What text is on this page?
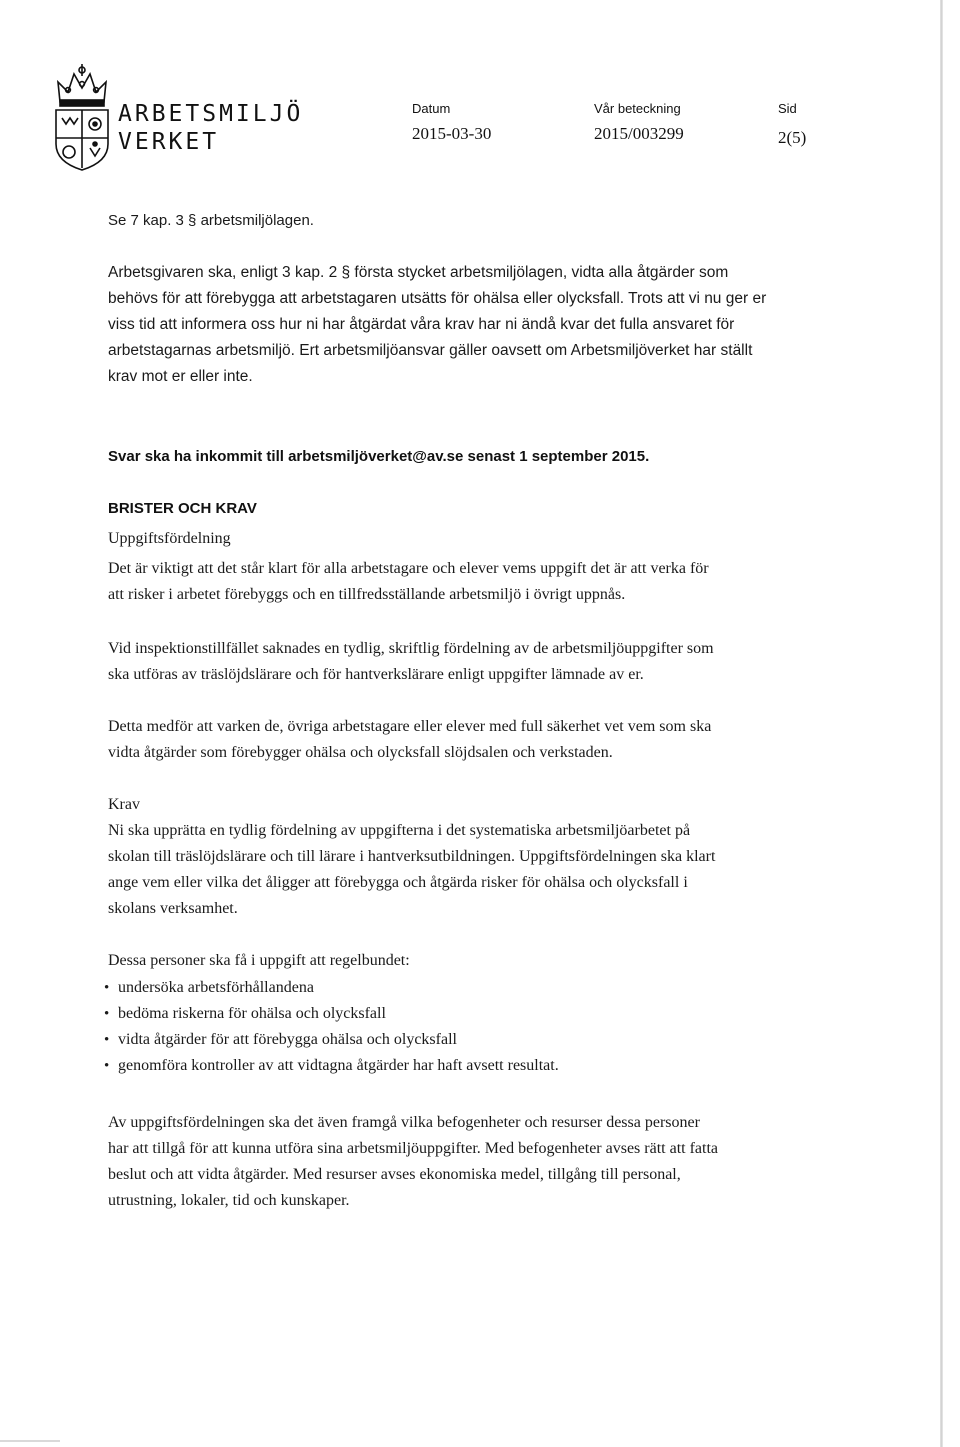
ARBETSMILJÖ
VERKET
Datum
2015-03-30
Vår beteckning
2015/003299
Sid
2(5)
Se 7 kap. 3 § arbetsmiljölagen.
Arbetsgivaren ska, enligt 3 kap. 2 § första stycket arbetsmiljölagen, vidta alla åtgärder som
behövs för att förebygga att arbetstagaren utsätts för ohälsa eller olycksfall. Trots att vi nu ger er
viss tid att informera oss hur ni har åtgärdat våra krav har ni ändå kvar det fulla ansvaret för
arbetstagarnas arbetsmiljö. Ert arbetsmiljöansvar gäller oavsett om Arbetsmiljöverket har ställt
krav mot er eller inte.
Svar ska ha inkommit till arbetsmiljöverket@av.se senast 1 september 2015.
BRISTER OCH KRAV
Uppgiftsfördelning
Det är viktigt att det står klart för alla arbetstagare och elever vems uppgift det är att verka för
att risker i arbetet förebyggs och en tillfredsställande arbetsmiljö i övrigt uppnås.
Vid inspektionstillfället saknades en tydlig, skriftlig fördelning av de arbetsmiljöuppgifter som
ska utföras av träslöjdslärare och för hantverkslärare enligt uppgifter lämnade av er.
Detta medför att varken de, övriga arbetstagare eller elever med full säkerhet vet vem som ska
vidta åtgärder som förebygger ohälsa och olycksfall slöjdsalen och verkstaden.
Krav
Ni ska upprätta en tydlig fördelning av uppgifterna i det systematiska arbetsmiljöarbetet på
skolan till träslöjdslärare och till lärare i hantverksutbildningen. Uppgiftsfördelningen ska klart
ange vem eller vilka det åligger att förebygga och åtgärda risker för ohälsa och olycksfall i
skolans verksamhet.
Dessa personer ska få i uppgift att regelbundet:
• undersöka arbetsförhållandena
• bedöma riskerna för ohälsa och olycksfall
• vidta åtgärder för att förebygga ohälsa och olycksfall
• genomföra kontroller av att vidtagna åtgärder har haft avsett resultat.
Av uppgiftsfördelningen ska det även framgå vilka befogenheter och resurser dessa personer
har att tillgå för att kunna utföra sina arbetsmiljöuppgifter. Med befogenheter avses rätt att fatta
beslut och att vidta åtgärder. Med resurser avses ekonomiska medel, tillgång till personal,
utrustning, lokaler, tid och kunskaper.
